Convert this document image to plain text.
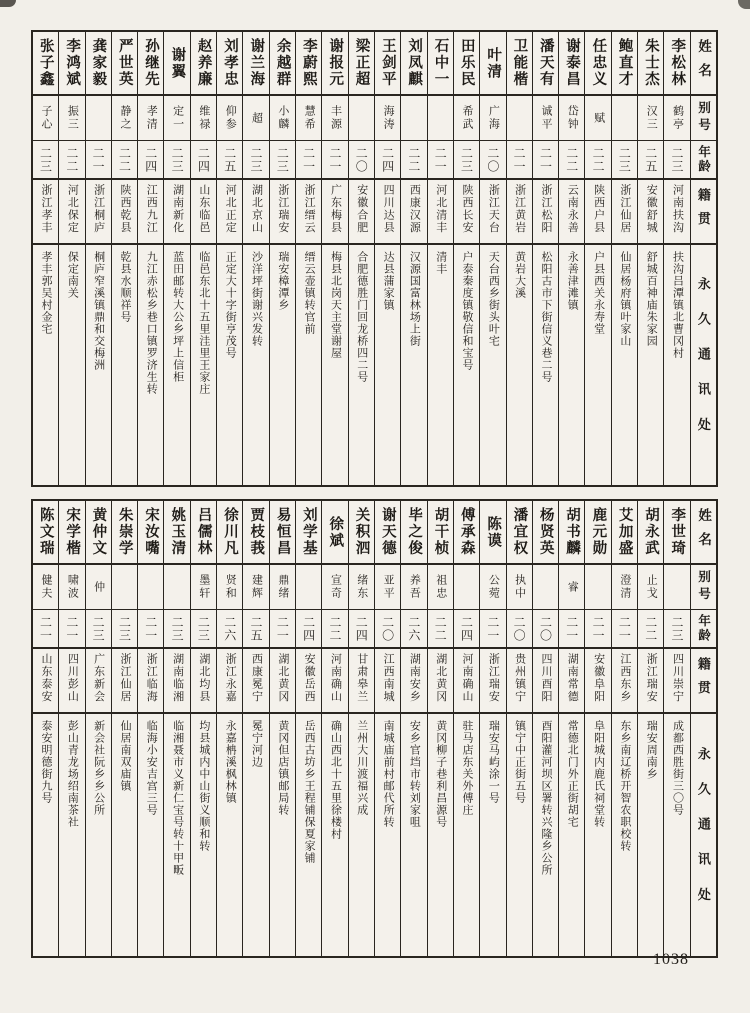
姓名
别号
年龄
籍贯
永久通讯处
李松林
鹤亭
二三
河南扶沟
扶沟吕潭镇北曹冈村
朱士杰
汉三
二五
安徽舒城
舒城百神庙朱家园
鲍直才
二三
浙江仙居
仙居杨府镇叶家山
任忠义
赋
二二
陕西户县
户县西关永寿堂
谢泰昌
岱钟
二二
云南永善
永善津滩镇
潘天有
诚平
二一
浙江松阳
松阳古市下街信义巷二号
卫能楷
二一
浙江黄岩
黄岩大溪
叶清
广海
二〇
浙江天台
天台西乡街头叶宅
田乐民
希武
二三
陕西长安
户泰秦度镇敬信和宝号
石中一
二一
河北清丰
清丰
刘凤麒
二二
西康汉源
汉源国富林场上街
王剑平
海涛
二四
四川达县
达县蒲家镇
梁正超
二〇
安徽合肥
合肥德胜门回龙桥四二号
谢报元
丰源
二一
广东梅县
梅县北岗天主堂谢屋
李蔚熙
慧希
二一
浙江缙云
缙云壶镇转官前
余越群
小麟
二三
浙江瑞安
瑞安樟潭乡
谢兰海
超
二三
湖北京山
沙洋坪街谢兴发转
刘孝忠
仰参
二五
河北正定
正定大十字街亨茂号
赵养廉
维禄
二四
山东临邑
临邑东北十五里洼里王家庄
谢翼
定一
二三
湖南新化
蓝田邮转大公乡坪上信柜
孙继先
孝清
二四
江西九江
九江赤松乡巷口镇罗济生转
严世英
静之
二二
陕西乾县
乾县水顺祥号
龚家毅
二一
浙江桐庐
桐庐窄溪镇鼎和交梅洲
李鸿斌
振三
二二
河北保定
保定南关
张子鑫
子心
二三
浙江孝丰
孝丰郭吴村金宅
姓名
别号
年龄
籍贯
永久通讯处
李世琦
二三
四川崇宁
成都西胜街三〇号
胡永武
止戈
二二
浙江瑞安
瑞安周南乡
艾加盛
澄清
二一
江西东乡
东乡南辽桥开智农职校转
鹿元勋
二一
安徽阜阳
阜阳城内鹿氏祠堂转
胡书麟
睿
二一
湖南常德
常德北门外正街胡宅
杨贤英
二〇
四川酉阳
酉阳灌河坝区署转兴隆乡公所
潘宜权
执中
二〇
贵州镇宁
镇宁中正街五号
陈谟
公菀
二一
浙江瑞安
瑞安马屿涂一号
傅承森
二四
河南确山
驻马店东关外傅庄
胡干桢
祖忠
二二
湖北黄冈
黄冈柳子巷利昌源号
毕之俊
养吾
二六
湖南安乡
安乡官垱市转刘家咀
谢天德
亚平
二〇
江西南城
南城庙前村邮代所转
关积泗
绪东
二四
甘肃皋兰
兰州大川渡福兴成
徐斌
宣奇
二二
河南确山
确山西北十五里徐楼村
刘学基
二四
安徽岳西
岳西古坊乡王程铺保夏家铺
易恒昌
鼎绪
二一
湖北黄冈
黄冈但店镇邮局转
贾枝莪
建辉
二五
西康冕宁
冕宁河边
徐川凡
贤和
二六
浙江永嘉
永嘉柟溪枫林镇
吕儒林
墨轩
二三
湖北均县
均县城内中山街义顺和转
姚玉清
二三
湖南临湘
临湘聂市义新仁宝号转十甲畈
宋汝嘴
二一
浙江临海
临海小安吉宫三号
朱崇学
二三
浙江仙居
仙居南双庙镇
黄仲文
仲
二三
广东新会
新会社阮乡乡公所
宋学楷
啸波
二一
四川彭山
彭山青龙场绍南茶社
陈文瑞
健夫
二一
山东泰安
泰安明德街九号
1038
